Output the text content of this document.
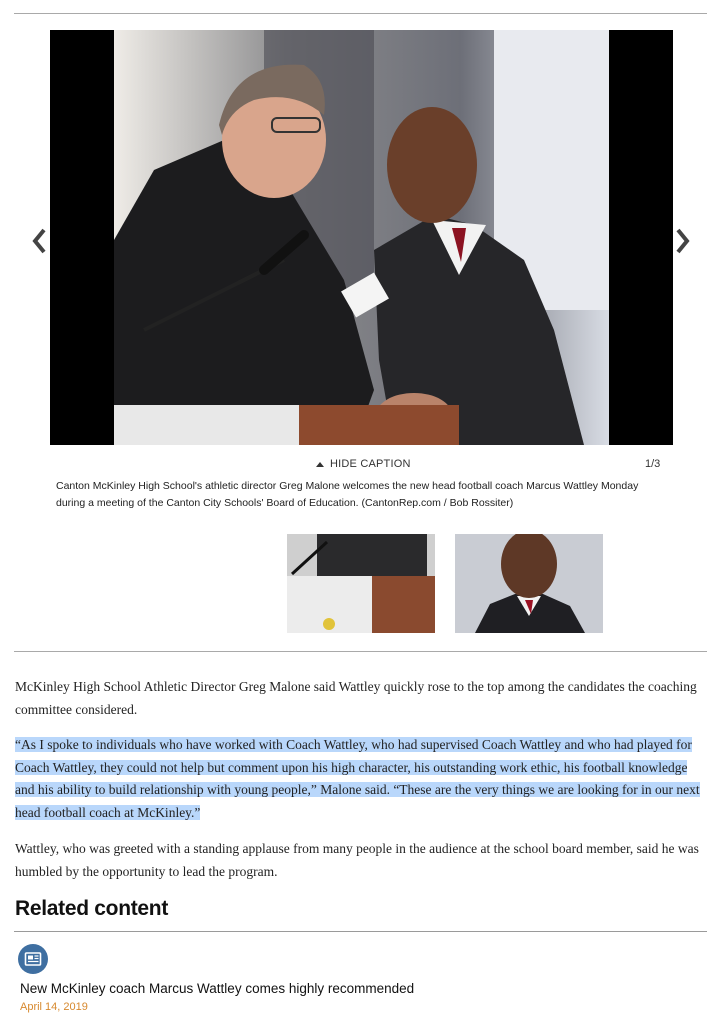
HIDE CAPTION	1/3
Canton McKinley High School's athletic director Greg Malone welcomes the new head football coach Marcus Wattley Monday during a meeting of the Canton City Schools' Board of Education. (CantonRep.com / Bob Rossiter)

McKinley High School Athletic Director Greg Malone said Wattley quickly rose to the top among the candidates the coaching committee considered.

“As I spoke to individuals who have worked with Coach Wattley, who had supervised Coach Wattley and who had played for Coach Wattley, they could not help but comment upon his high character, his outstanding work ethic, his football knowledge and his ability to build relationship with young people,” Malone said. “These are the very things we are looking for in our next head football coach at McKinley.”

Wattley, who was greeted with a standing applause from many people in the audience at the school board member, said he was humbled by the opportunity to lead the program.

Related content
New McKinley coach Marcus Wattley comes highly recommended
April 14, 2019
